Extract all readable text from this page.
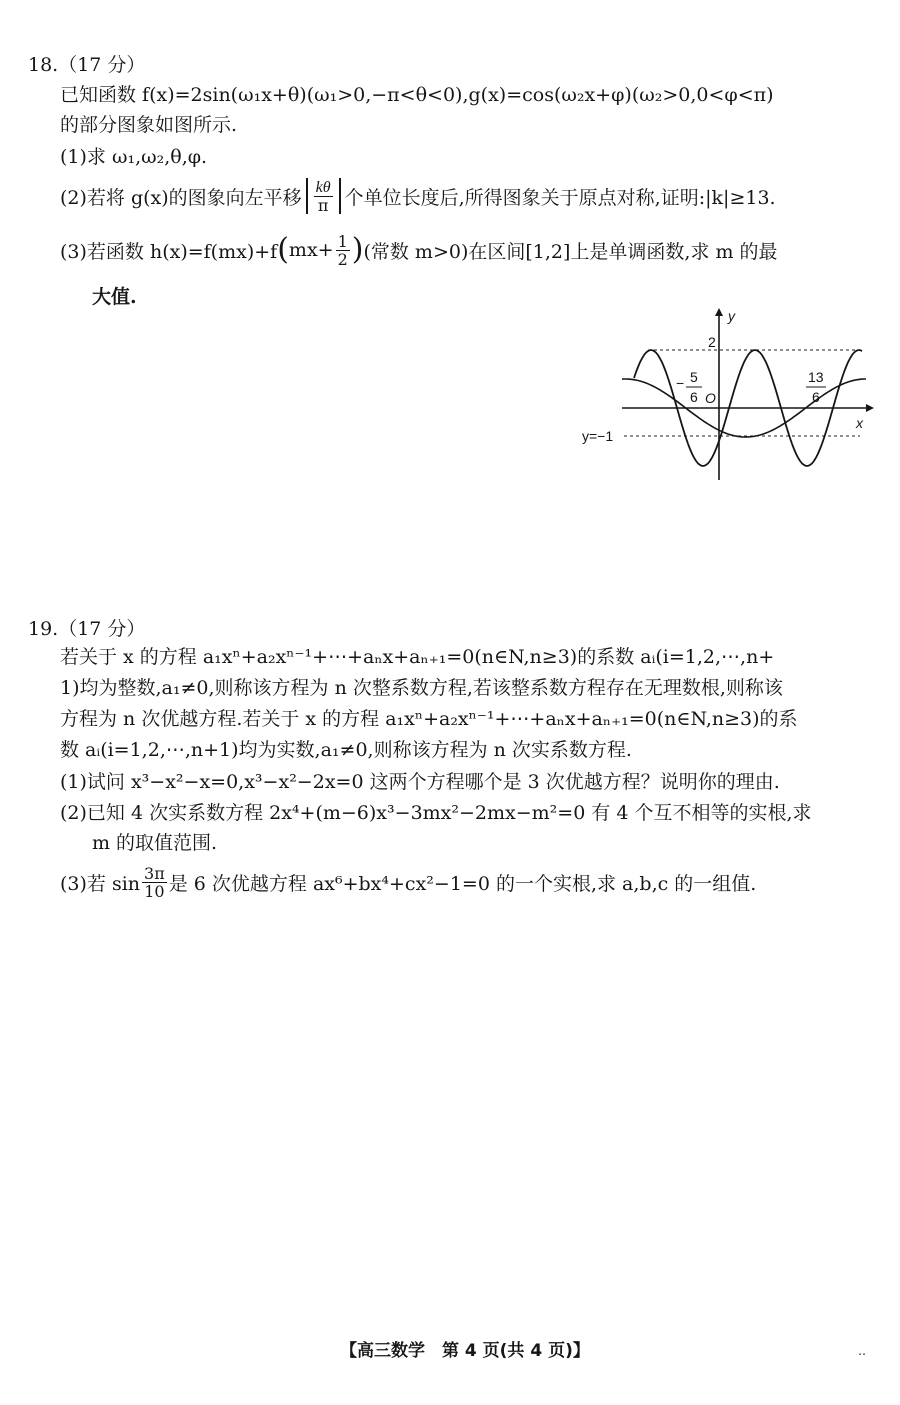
18.（17 分）
已知函数 f(x)=2sin(ω₁x+θ)(ω₁>0,−π<θ<0),g(x)=cos(ω₂x+φ)(ω₂>0,0<φ<π)
的部分图象如图所示.
(1)求 ω₁,ω₂,θ,φ.
(2)若将 g(x)的图象向左平移 $\frac{k\theta}{\pi}$ 个单位长度后,所得图象关于原点对称,证明:|k|≥13.
(3)若函数 h(x)=f(mx)+f ( $mx+ \frac{1}{2}$ ) (常数 m>0)在区间[1,2]上是单调函数,求 m 的最
大值.
y
x
2
O
− 5
6
13
6
y=−1
19.（17 分）
若关于 x 的方程 a₁xⁿ+a₂xⁿ⁻¹+⋯+aₙx+aₙ₊₁=0(n∈N,n≥3)的系数 aᵢ(i=1,2,⋯,n+
1)均为整数,a₁≠0,则称该方程为 n 次整系数方程,若该整系数方程存在无理数根,则称该
方程为 n 次优越方程.若关于 x 的方程 a₁xⁿ+a₂xⁿ⁻¹+⋯+aₙx+aₙ₊₁=0(n∈N,n≥3)的系
数 aᵢ(i=1,2,⋯,n+1)均为实数,a₁≠0,则称该方程为 n 次实系数方程.
(1)试问 x³−x²−x=0,x³−x²−2x=0 这两个方程哪个是 3 次优越方程？说明你的理由.
(2)已知 4 次实系数方程 2x⁴+(m−6)x³−3mx²−2mx−m²=0 有 4 个互不相等的实根,求
m 的取值范围.
(3)若 $\sin \frac{3\pi}{10}$ 是 6 次优越方程 ax⁶+bx⁴+cx²−1=0 的一个实根,求 a,b,c 的一组值.
【高三数学　第 4 页(共 4 页)】	‥
